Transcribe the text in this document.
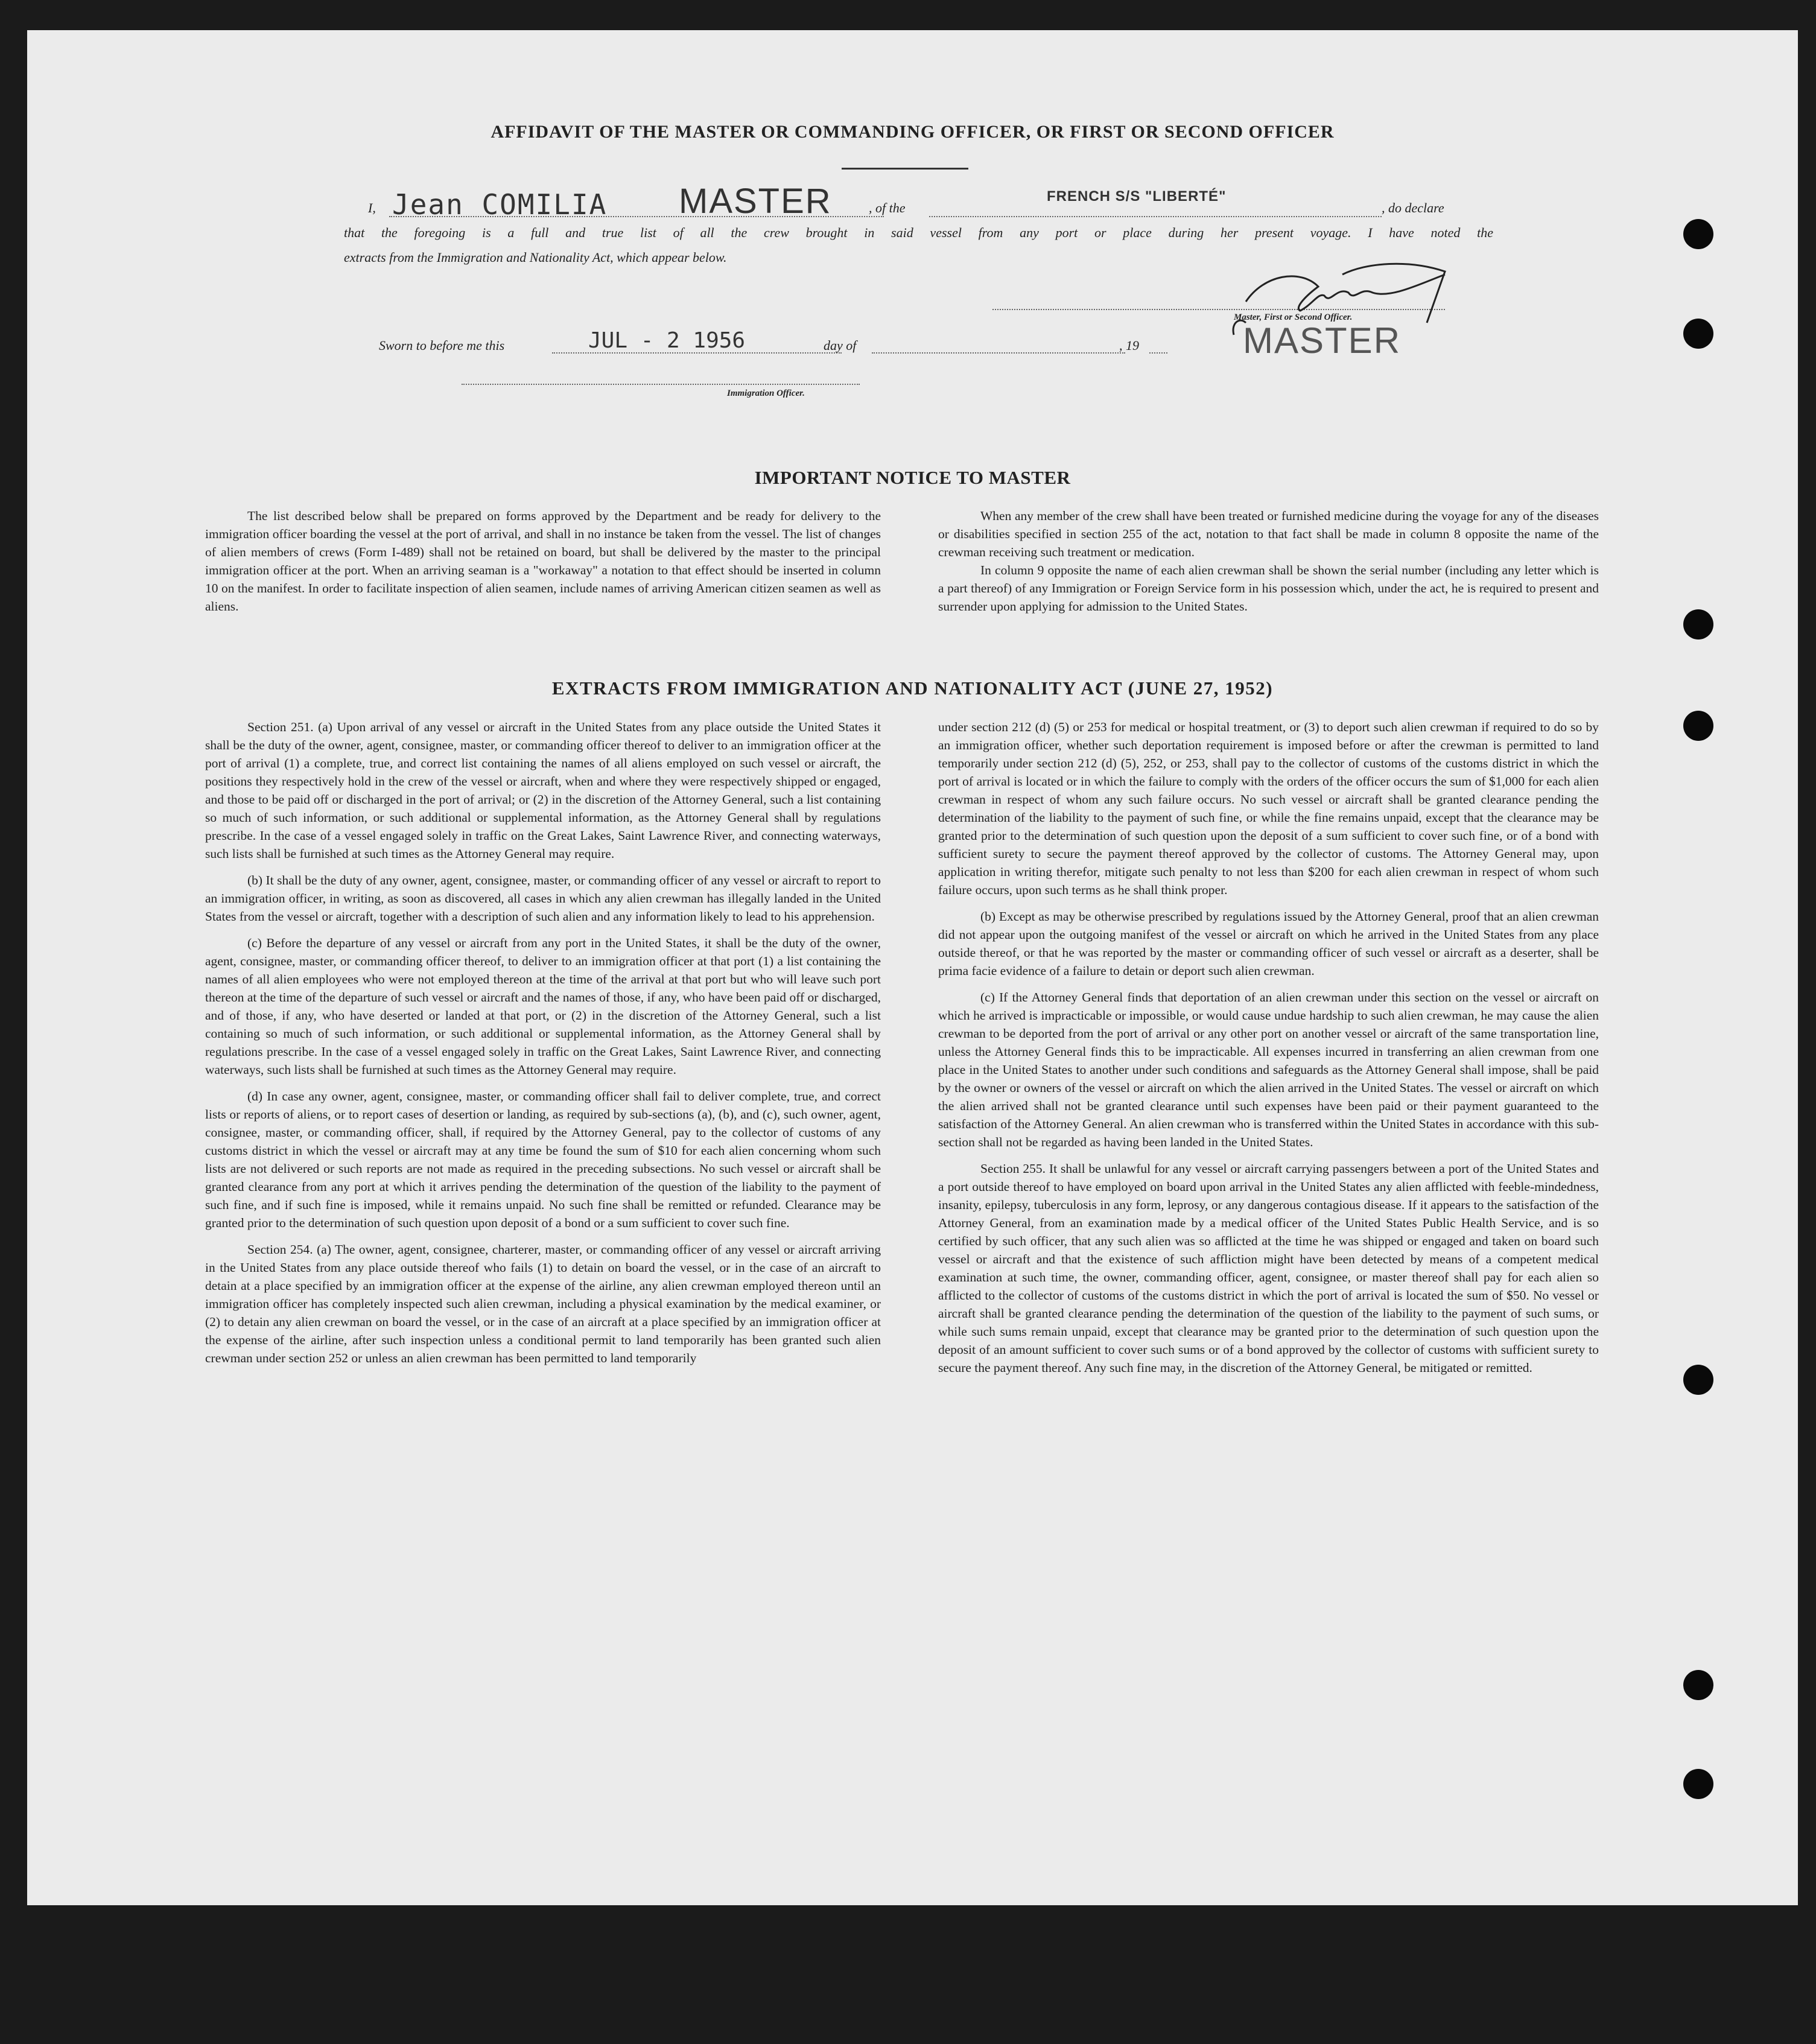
AFFIDAVIT OF THE MASTER OR COMMANDING OFFICER, OR FIRST OR SECOND OFFICER
I, Jean COMILIA MASTER	, of the
FRENCH S/S "LIBERTÉ"
, do declare
that the foregoing is a full and true list of all the crew brought in said vessel from any port or place during her present voyage. I have noted the
extracts from the Immigration and Nationality Act, which appear below.
Master, First or Second Officer.
MASTER
Sworn to before me this	JUL - 2 1956	day of	, 19
Immigration Officer.
IMPORTANT NOTICE TO MASTER

The list described below shall be prepared on forms approved by the Department and be ready for delivery to the immigration officer boarding the vessel at the port of arrival, and shall in no instance be taken from the vessel. The list of changes of alien members of crews (Form I-489) shall not be retained on board, but shall be delivered by the master to the principal immigration officer at the port. When an arriving seaman is a "workaway" a notation to that effect should be inserted in column 10 on the manifest. In order to facilitate inspection of alien seamen, include names of arriving American citizen seamen as well as aliens.

When any member of the crew shall have been treated or furnished medicine during the voyage for any of the diseases or disabilities specified in section 255 of the act, notation to that fact shall be made in column 8 opposite the name of the crewman receiving such treatment or medication.

In column 9 opposite the name of each alien crewman shall be shown the serial number (including any letter which is a part thereof) of any Immigration or Foreign Service form in his possession which, under the act, he is required to present and surrender upon applying for admission to the United States.

EXTRACTS FROM IMMIGRATION AND NATIONALITY ACT (JUNE 27, 1952)

Section 251. (a) Upon arrival of any vessel or aircraft in the United States from any place outside the United States it shall be the duty of the owner, agent, consignee, master, or commanding officer thereof to deliver to an immigration officer at the port of arrival (1) a complete, true, and correct list containing the names of all aliens employed on such vessel or aircraft, the positions they respectively hold in the crew of the vessel or aircraft, when and where they were respectively shipped or engaged, and those to be paid off or discharged in the port of arrival; or (2) in the discretion of the Attorney General, such a list containing so much of such information, or such additional or supplemental information, as the Attorney General shall by regulations prescribe. In the case of a vessel engaged solely in traffic on the Great Lakes, Saint Lawrence River, and connecting waterways, such lists shall be furnished at such times as the Attorney General may require.

(b) It shall be the duty of any owner, agent, consignee, master, or commanding officer of any vessel or aircraft to report to an immigration officer, in writing, as soon as discovered, all cases in which any alien crewman has illegally landed in the United States from the vessel or aircraft, together with a description of such alien and any information likely to lead to his apprehension.

(c) Before the departure of any vessel or aircraft from any port in the United States, it shall be the duty of the owner, agent, consignee, master, or commanding officer thereof, to deliver to an immigration officer at that port (1) a list containing the names of all alien employees who were not employed thereon at the time of the arrival at that port but who will leave such port thereon at the time of the departure of such vessel or aircraft and the names of those, if any, who have been paid off or discharged, and of those, if any, who have deserted or landed at that port, or (2) in the discretion of the Attorney General, such a list containing so much of such information, or such additional or supplemental information, as the Attorney General shall by regulations prescribe. In the case of a vessel engaged solely in traffic on the Great Lakes, Saint Lawrence River, and connecting waterways, such lists shall be furnished at such times as the Attorney General may require.

(d) In case any owner, agent, consignee, master, or commanding officer shall fail to deliver complete, true, and correct lists or reports of aliens, or to report cases of desertion or landing, as required by sub-sections (a), (b), and (c), such owner, agent, consignee, master, or commanding officer, shall, if required by the Attorney General, pay to the collector of customs of any customs district in which the vessel or aircraft may at any time be found the sum of $10 for each alien concerning whom such lists are not delivered or such reports are not made as required in the preceding subsections. No such vessel or aircraft shall be granted clearance from any port at which it arrives pending the determination of the question of the liability to the payment of such fine, and if such fine is imposed, while it remains unpaid. No such fine shall be remitted or refunded. Clearance may be granted prior to the determination of such question upon deposit of a bond or a sum sufficient to cover such fine.

Section 254. (a) The owner, agent, consignee, charterer, master, or commanding officer of any vessel or aircraft arriving in the United States from any place outside thereof who fails (1) to detain on board the vessel, or in the case of an aircraft to detain at a place specified by an immigration officer at the expense of the airline, any alien crewman employed thereon until an immigration officer has completely inspected such alien crewman, including a physical examination by the medical examiner, or (2) to detain any alien crewman on board the vessel, or in the case of an aircraft at a place specified by an immigration officer at the expense of the airline, after such inspection unless a conditional permit to land temporarily has been granted such alien crewman under section 252 or unless an alien crewman has been permitted to land temporarily

under section 212 (d) (5) or 253 for medical or hospital treatment, or (3) to deport such alien crewman if required to do so by an immigration officer, whether such deportation requirement is imposed before or after the crewman is permitted to land temporarily under section 212 (d) (5), 252, or 253, shall pay to the collector of customs of the customs district in which the port of arrival is located or in which the failure to comply with the orders of the officer occurs the sum of $1,000 for each alien crewman in respect of whom any such failure occurs. No such vessel or aircraft shall be granted clearance pending the determination of the liability to the payment of such fine, or while the fine remains unpaid, except that the clearance may be granted prior to the determination of such question upon the deposit of a sum sufficient to cover such fine, or of a bond with sufficient surety to secure the payment thereof approved by the collector of customs. The Attorney General may, upon application in writing therefor, mitigate such penalty to not less than $200 for each alien crewman in respect of whom such failure occurs, upon such terms as he shall think proper.

(b) Except as may be otherwise prescribed by regulations issued by the Attorney General, proof that an alien crewman did not appear upon the outgoing manifest of the vessel or aircraft on which he arrived in the United States from any place outside thereof, or that he was reported by the master or commanding officer of such vessel or aircraft as a deserter, shall be prima facie evidence of a failure to detain or deport such alien crewman.

(c) If the Attorney General finds that deportation of an alien crewman under this section on the vessel or aircraft on which he arrived is impracticable or impossible, or would cause undue hardship to such alien crewman, he may cause the alien crewman to be deported from the port of arrival or any other port on another vessel or aircraft of the same transportation line, unless the Attorney General finds this to be impracticable. All expenses incurred in transferring an alien crewman from one place in the United States to another under such conditions and safeguards as the Attorney General shall impose, shall be paid by the owner or owners of the vessel or aircraft on which the alien arrived in the United States. The vessel or aircraft on which the alien arrived shall not be granted clearance until such expenses have been paid or their payment guaranteed to the satisfaction of the Attorney General. An alien crewman who is transferred within the United States in accordance with this sub-section shall not be regarded as having been landed in the United States.

Section 255. It shall be unlawful for any vessel or aircraft carrying passengers between a port of the United States and a port outside thereof to have employed on board upon arrival in the United States any alien afflicted with feeble-mindedness, insanity, epilepsy, tuberculosis in any form, leprosy, or any dangerous contagious disease. If it appears to the satisfaction of the Attorney General, from an examination made by a medical officer of the United States Public Health Service, and is so certified by such officer, that any such alien was so afflicted at the time he was shipped or engaged and taken on board such vessel or aircraft and that the existence of such affliction might have been detected by means of a competent medical examination at such time, the owner, commanding officer, agent, consignee, or master thereof shall pay for each alien so afflicted to the collector of customs of the customs district in which the port of arrival is located the sum of $50. No vessel or aircraft shall be granted clearance pending the determination of the question of the liability to the payment of such sums, or while such sums remain unpaid, except that clearance may be granted prior to the determination of such question upon the deposit of an amount sufficient to cover such sums or of a bond approved by the collector of customs with sufficient surety to secure the payment thereof. Any such fine may, in the discretion of the Attorney General, be mitigated or remitted.
